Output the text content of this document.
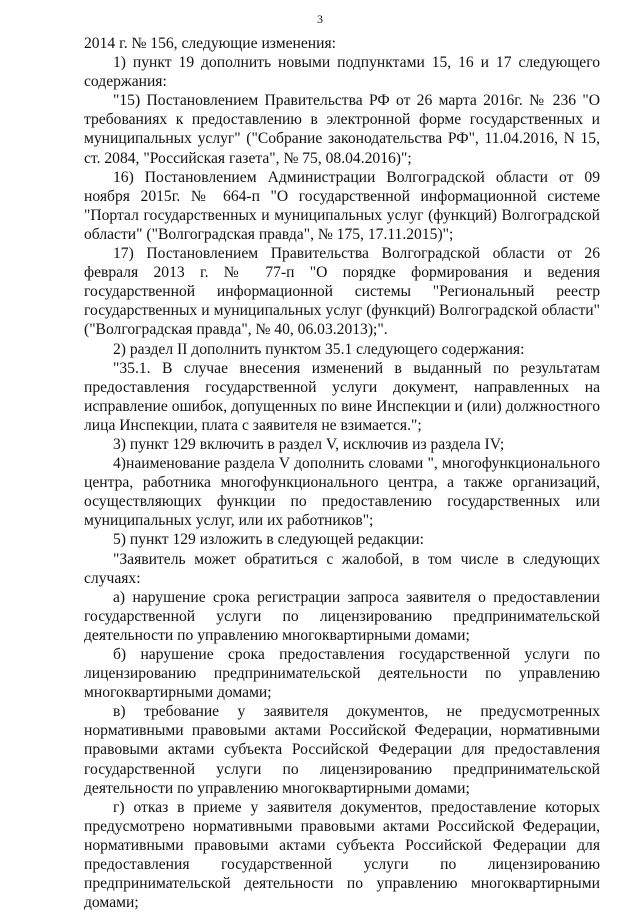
3

2014 г. № 156, следующие изменения:

1) пункт 19 дополнить новыми подпунктами 15, 16 и 17 следующего содержания:

"15) Постановлением Правительства РФ от 26 марта 2016г. № 236 "О требованиях к предоставлению в электронной форме государственных и муниципальных услуг" ("Собрание законодательства РФ", 11.04.2016, N 15, ст. 2084, "Российская газета", № 75, 08.04.2016)";

16) Постановлением Администрации Волгоградской области от 09 ноября 2015г. № 664-п "О государственной информационной системе "Портал государственных и муниципальных услуг (функций) Волгоградской области" ("Волгоградская правда", № 175, 17.11.2015)";

17) Постановлением Правительства Волгоградской области от 26 февраля 2013 г. № 77-п "О порядке формирования и ведения государственной информационной системы "Региональный реестр государственных и муниципальных услуг (функций) Волгоградской области" ("Волгоградская правда", № 40, 06.03.2013);".

2) раздел II дополнить пунктом 35.1 следующего содержания:

"35.1. В случае внесения изменений в выданный по результатам предоставления государственной услуги документ, направленных на исправление ошибок, допущенных по вине Инспекции и (или) должностного лица Инспекции, плата с заявителя не взимается.";

3) пункт 129 включить в раздел V, исключив из раздела IV;

4)наименование раздела V дополнить словами ", многофункционального центра, работника многофункционального центра, а также организаций, осуществляющих функции по предоставлению государственных или муниципальных услуг, или их работников";

5) пункт 129 изложить в следующей редакции:

"Заявитель может обратиться с жалобой, в том числе в следующих случаях:

а) нарушение срока регистрации запроса заявителя о предоставлении государственной услуги по лицензированию предпринимательской деятельности по управлению многоквартирными домами;

б) нарушение срока предоставления государственной услуги по лицензированию предпринимательской деятельности по управлению многоквартирными домами;

в) требование у заявителя документов, не предусмотренных нормативными правовыми актами Российской Федерации, нормативными правовыми актами субъекта Российской Федерации для предоставления государственной услуги по лицензированию предпринимательской деятельности по управлению многоквартирными домами;

г) отказ в приеме у заявителя документов, предоставление которых предусмотрено нормативными правовыми актами Российской Федерации, нормативными правовыми актами субъекта Российской Федерации для предоставления государственной услуги по лицензированию предпринимательской деятельности по управлению многоквартирными домами;
